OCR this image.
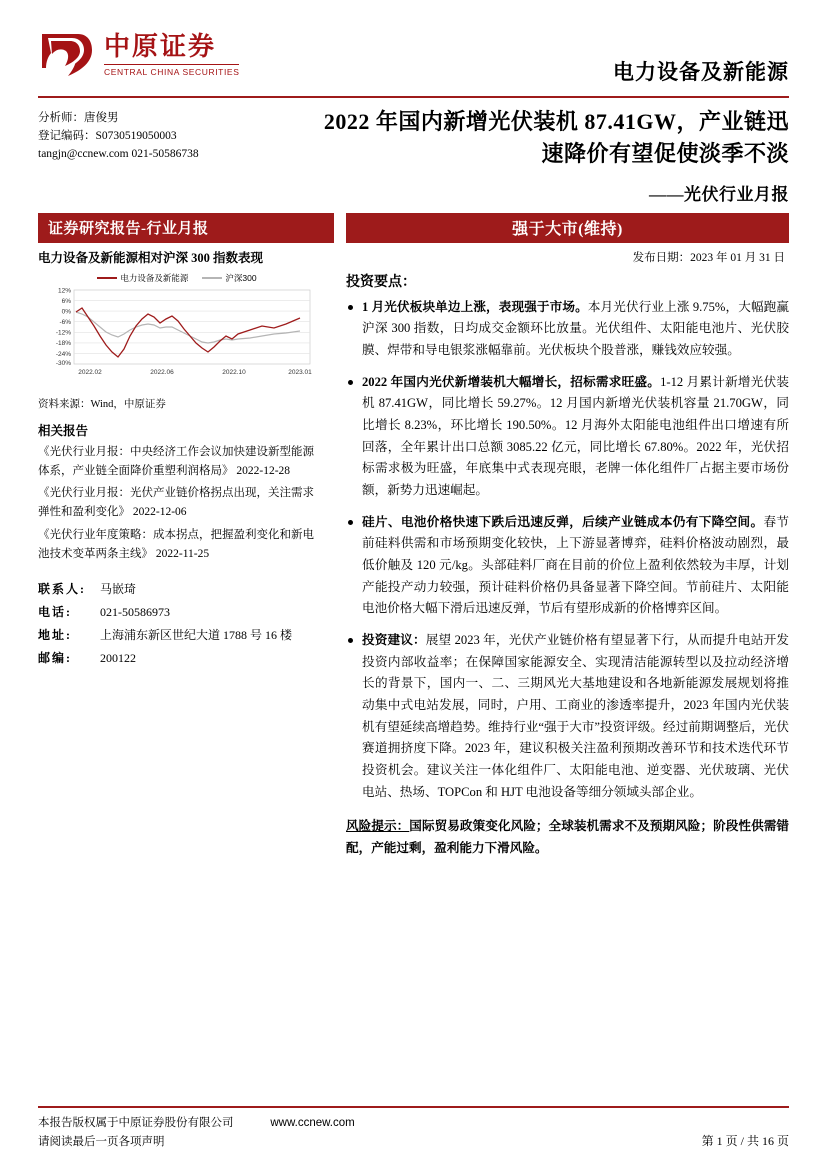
中原证券
CENTRAL CHINA SECURITIES	电力设备及新能源
分析师：唐俊男
登记编码：S0730519050003
tangjn@ccnew.com 021-50586738
2022 年国内新增光伏装机 87.41GW，产业链迅速降价有望促使淡季不淡
——光伏行业月报
证券研究报告-行业月报	强于大市(维持)
电力设备及新能源相对沪深 300 指数表现
电力设备及新能源	沪深300
12%
6%
0%
-6%
-12%
-18%
-24%
-30%
2022.02	2022.06	2022.10	2023.01
资料来源：Wind，中原证券
相关报告

《光伏行业月报：中央经济工作会议加快建设新型能源体系，产业链全面降价重塑利润格局》 2022-12-28

《光伏行业月报：光伏产业链价格拐点出现，关注需求弹性和盈利变化》 2022-12-06

《光伏行业年度策略：成本拐点，把握盈利变化和新电池技术变革两条主线》 2022-11-25

联系人:	马嵌琦
电话:	021-50586973
地址:	上海浦东新区世纪大道 1788 号 16 楼
邮编:	200122
发布日期：2023 年 01 月 31 日
投资要点：
1 月光伏板块单边上涨，表现强于市场。本月光伏行业上涨 9.75%，大幅跑赢沪深 300 指数，日均成交金额环比放量。光伏组件、太阳能电池片、光伏胶膜、焊带和导电银浆涨幅靠前。光伏板块个股普涨，赚钱效应较强。
2022 年国内光伏新增装机大幅增长，招标需求旺盛。1-12 月累计新增光伏装机 87.41GW，同比增长 59.27%。12 月国内新增光伏装机容量 21.70GW，同比增长 8.23%，环比增长 190.50%。12 月海外太阳能电池组件出口增速有所回落，全年累计出口总额 3085.22 亿元，同比增长 67.80%。2022 年，光伏招标需求极为旺盛，年底集中式表现亮眼，老牌一体化组件厂占据主要市场份额，新势力迅速崛起。
硅片、电池价格快速下跌后迅速反弹，后续产业链成本仍有下降空间。春节前硅料供需和市场预期变化较快，上下游显著博弈，硅料价格波动剧烈，最低价触及 120 元/kg。头部硅料厂商在目前的价位上盈利依然较为丰厚，计划产能投产动力较强，预计硅料价格仍具备显著下降空间。节前硅片、太阳能电池价格大幅下滑后迅速反弹，节后有望形成新的价格博弈区间。
投资建议：展望 2023 年，光伏产业链价格有望显著下行，从而提升电站开发投资内部收益率；在保障国家能源安全、实现清洁能源转型以及拉动经济增长的背景下，国内一、二、三期风光大基地建设和各地新能源发展规划将推动集中式电站发展，同时，户用、工商业的渗透率提升，2023 年国内光伏装机有望延续高增趋势。维持行业“强于大市”投资评级。经过前期调整后，光伏赛道拥挤度下降。2023 年，建议积极关注盈利预期改善环节和技术迭代环节投资机会。建议关注一体化组件厂、太阳能电池、逆变器、光伏玻璃、光伏电站、热场、TOPCon 和 HJT 电池设备等细分领域头部企业。
风险提示：国际贸易政策变化风险；全球装机需求不及预期风险；阶段性供需错配，产能过剩，盈利能力下滑风险。
本报告版权属于中原证券股份有限公司	www.ccnew.com
请阅读最后一页各项声明	第 1 页 / 共 16 页
